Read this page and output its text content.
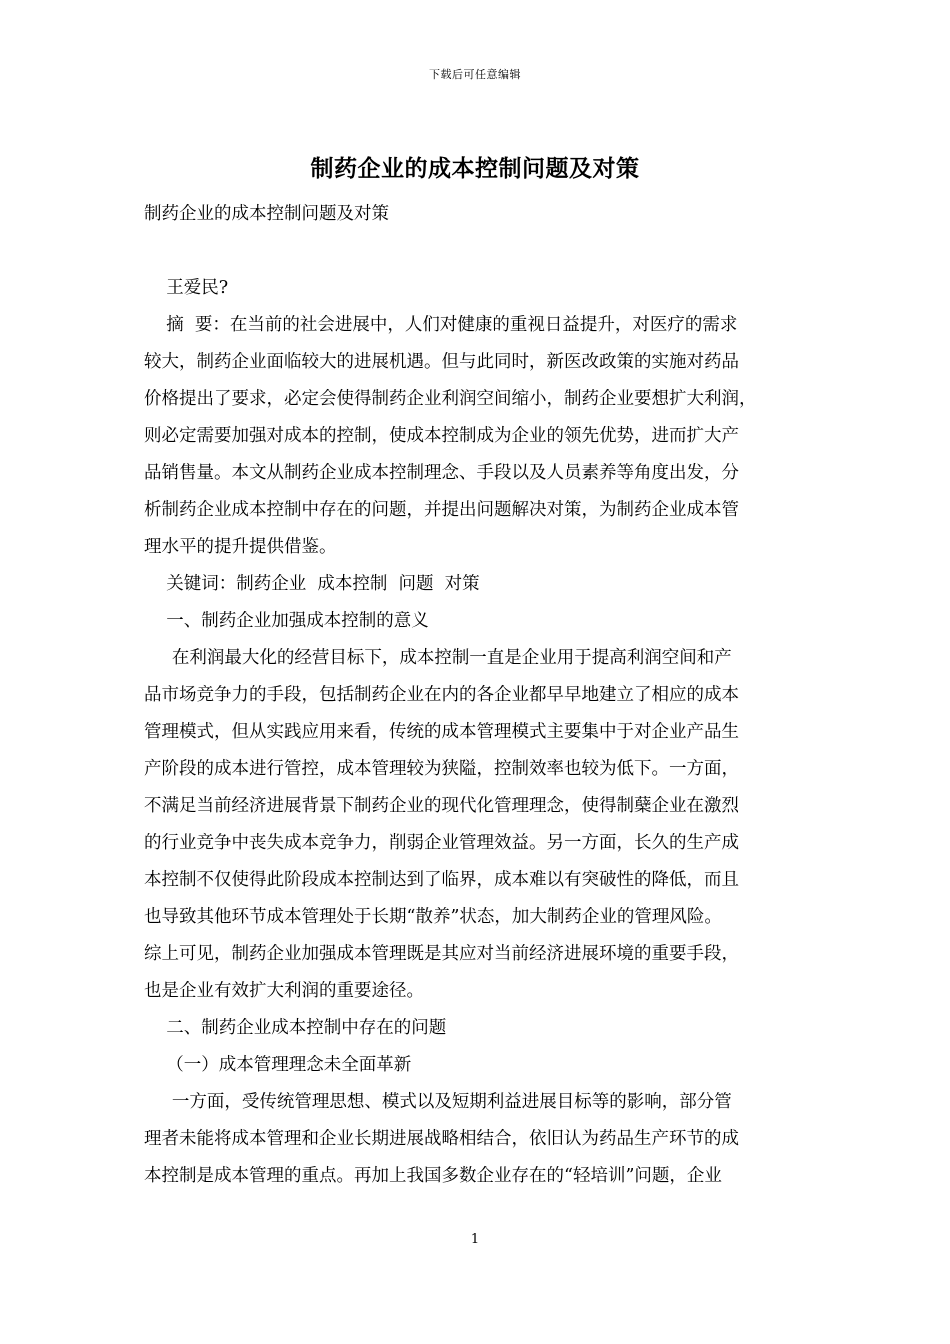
下载后可任意编辑
制药企业的成本控制问题及对策
制药企业的成本控制问题及对策
王爱民?
摘  要：在当前的社会进展中，人们对健康的重视日益提升，对医疗的需求
较大，制药企业面临较大的进展机遇。但与此同时，新医改政策的实施对药品
价格提出了要求，必定会使得制药企业利润空间缩小，制药企业要想扩大利润，
则必定需要加强对成本的控制，使成本控制成为企业的领先优势，进而扩大产
品销售量。本文从制药企业成本控制理念、手段以及人员素养等角度出发，分
析制药企业成本控制中存在的问题，并提出问题解决对策，为制药企业成本管
理水平的提升提供借鉴。
关键词：制药企业  成本控制  问题  对策
一、制药企业加强成本控制的意义
在利润最大化的经营目标下，成本控制一直是企业用于提高利润空间和产
品市场竞争力的手段，包括制药企业在内的各企业都早早地建立了相应的成本
管理模式，但从实践应用来看，传统的成本管理模式主要集中于对企业产品生
产阶段的成本进行管控，成本管理较为狭隘，控制效率也较为低下。一方面，
不满足当前经济进展背景下制药企业的现代化管理理念，使得制蘖企业在激烈
的行业竞争中丧失成本竞争力，削弱企业管理效益。另一方面，长久的生产成
本控制不仅使得此阶段成本控制达到了临界，成本难以有突破性的降低，而且
也导致其他环节成本管理处于长期“散养”状态，加大制药企业的管理风险。
综上可见，制药企业加强成本管理既是其应对当前经济进展环境的重要手段，
也是企业有效扩大利润的重要途径。
二、制药企业成本控制中存在的问题
（一）成本管理理念未全面革新
一方面，受传统管理思想、模式以及短期利益进展目标等的影响，部分管
理者未能将成本管理和企业长期进展战略相结合，依旧认为药品生产环节的成
本控制是成本管理的重点。再加上我国多数企业存在的“轻培训”问题，企业
1
